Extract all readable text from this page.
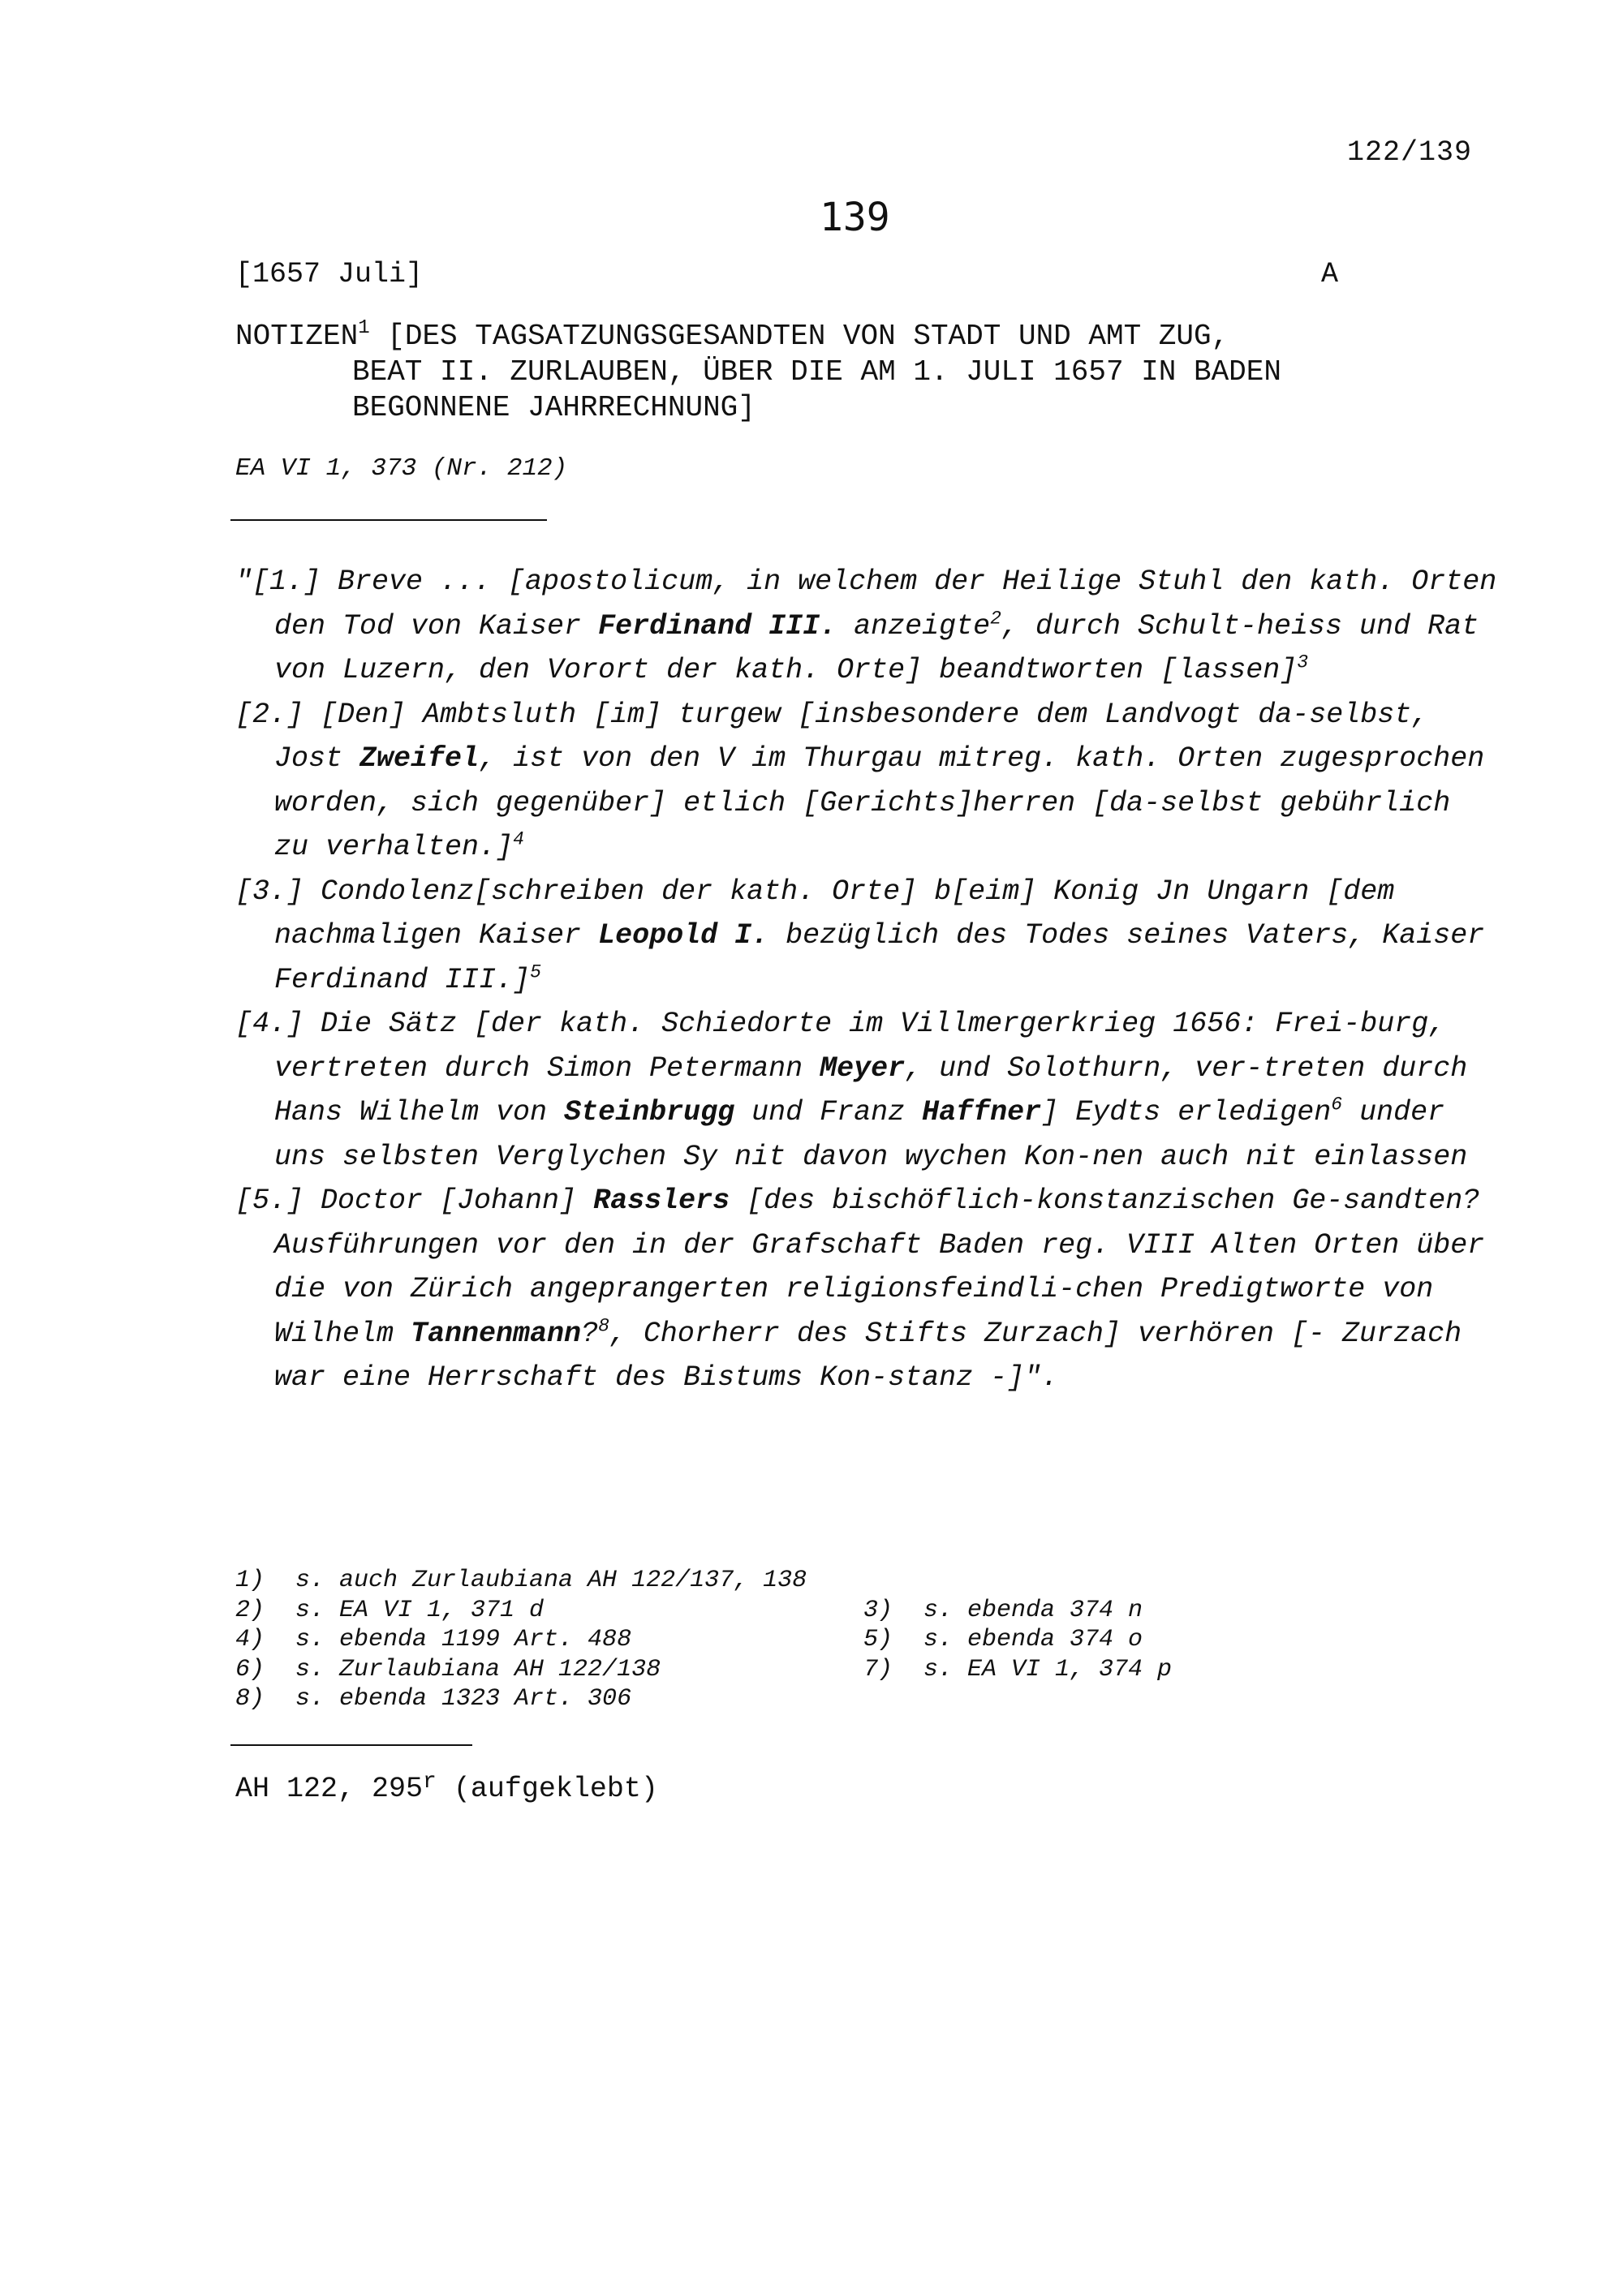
122/139
139
[1657 Juli]	A
NOTIZEN$^1$ [DES TAGSATZUNGSGESANDTEN VON STADT UND AMT ZUG,
BEAT II. ZURLAUBEN, ÜBER DIE AM 1. JULI 1657 IN BADEN
BEGONNENE JAHRRECHNUNG]
EA VI 1, 373 (Nr. 212)

"[1.] Breve ... [apostolicum, in welchem der Heilige Stuhl den kath. Orten den Tod von Kaiser Ferdinand III. anzeigte$^2$, durch Schult-heiss und Rat von Luzern, den Vorort der kath. Orte] beandtworten [lassen]$^3$

[2.] [Den] Ambtsluth [im] turgew [insbesondere dem Landvogt da-selbst, Jost Zweifel, ist von den V im Thurgau mitreg. kath. Orten zugesprochen worden, sich gegenüber] etlich [Gerichts]herren [da-selbst gebührlich zu verhalten.]$^4$

[3.] Condolenz[schreiben der kath. Orte] b[eim] Konig Jn Ungarn [dem nachmaligen Kaiser Leopold I. bezüglich des Todes seines Vaters, Kaiser Ferdinand III.]$^5$

[4.] Die Sätz [der kath. Schiedorte im Villmergerkrieg 1656: Frei-burg, vertreten durch Simon Petermann Meyer, und Solothurn, ver-treten durch Hans Wilhelm von Steinbrugg und Franz Haffner] Eydts erledigen$^6$ under uns selbsten Verglychen Sy nit davon wychen Kon-nen auch nit einlassen

[5.] Doctor [Johann] Rasslers [des bischöflich-konstanzischen Ge-sandten? Ausführungen vor den in der Grafschaft Baden reg. VIII Alten Orten über die von Zürich angeprangerten religionsfeindli-chen Predigtworte von Wilhelm Tannenmann?$^8$, Chorherr des Stifts Zurzach] verhören [- Zurzach war eine Herrschaft des Bistums Kon-stanz -]".

1) s. auch Zurlaubiana AH 122/137, 138
2) s. EA VI 1, 371 d	3) s. ebenda 374 n
4) s. ebenda 1199 Art. 488	5) s. ebenda 374 o
6) s. Zurlaubiana AH 122/138	7) s. EA VI 1, 374 p
8) s. ebenda 1323 Art. 306
AH 122, 295$^r$ (aufgeklebt)
